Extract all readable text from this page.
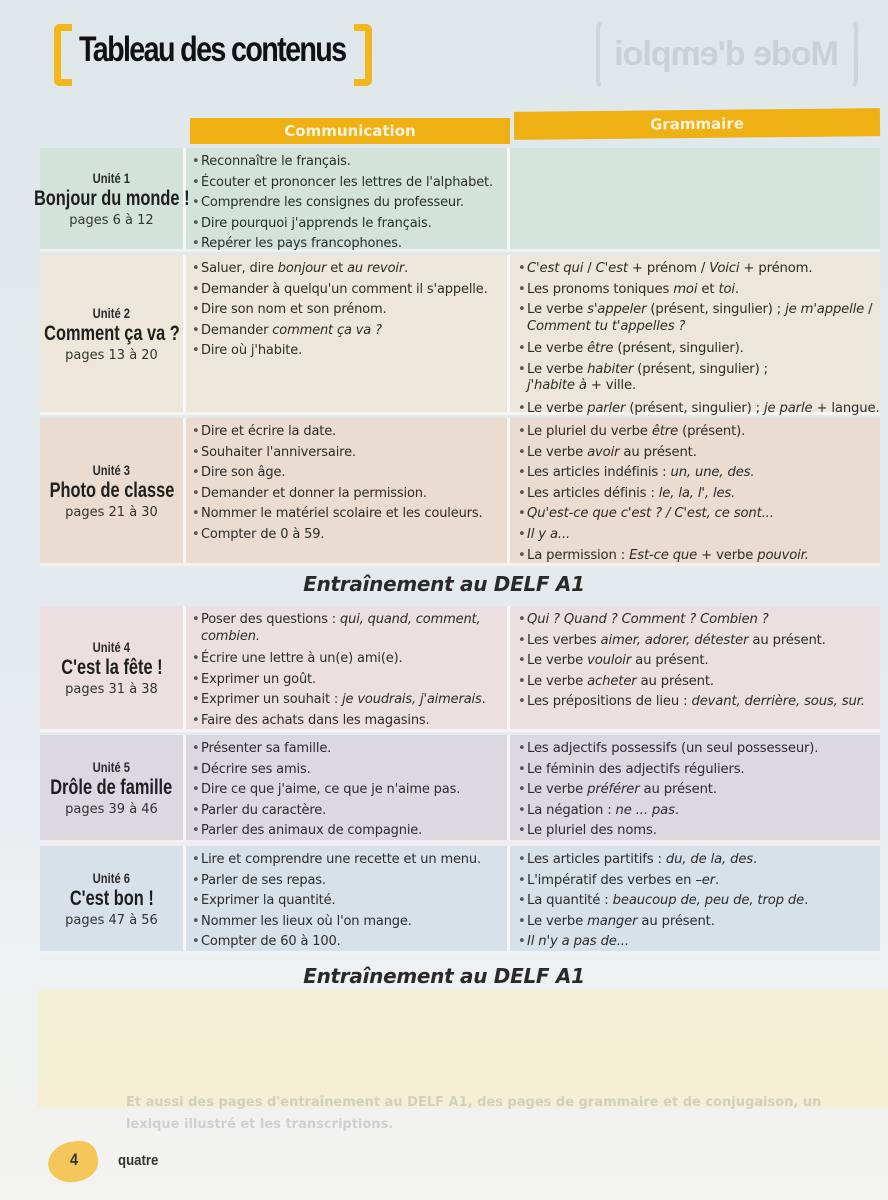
Mode d'emploi
Tableau des contenus
Communication	Grammaire
Unité 1
Bonjour du monde !
pages 6 à 12
• Reconnaître le français.
• Écouter et prononcer les lettres de l'alphabet.
• Comprendre les consignes du professeur.
• Dire pourquoi j'apprends le français.
• Repérer les pays francophones.
Unité 2
Comment ça va ?
pages 13 à 20
• Saluer, dire bonjour et au revoir.
• Demander à quelqu'un comment il s'appelle.
• Dire son nom et son prénom.
• Demander comment ça va ?
• Dire où j'habite.
• C'est qui / C'est + prénom / Voici + prénom.
• Les pronoms toniques moi et toi.
• Le verbe s'appeler (présent, singulier) ; je m'appelle / Comment tu t'appelles ?
• Le verbe être (présent, singulier).
• Le verbe habiter (présent, singulier) ;
j'habite à + ville.
• Le verbe parler (présent, singulier) ; je parle + langue.
Unité 3
Photo de classe
pages 21 à 30
• Dire et écrire la date.
• Souhaiter l'anniversaire.
• Dire son âge.
• Demander et donner la permission.
• Nommer le matériel scolaire et les couleurs.
• Compter de 0 à 59.
• Le pluriel du verbe être (présent).
• Le verbe avoir au présent.
• Les articles indéfinis : un, une, des.
• Les articles définis : le, la, l', les.
• Qu'est-ce que c'est ? / C'est, ce sont...
• Il y a...
• La permission : Est-ce que + verbe pouvoir.
Entraînement au DELF A1
Unité 4
C'est la fête !
pages 31 à 38
• Poser des questions : qui, quand, comment, combien.
• Écrire une lettre à un(e) ami(e).
• Exprimer un goût.
• Exprimer un souhait : je voudrais, j'aimerais.
• Faire des achats dans les magasins.
• Qui ? Quand ? Comment ? Combien ?
• Les verbes aimer, adorer, détester au présent.
• Le verbe vouloir au présent.
• Le verbe acheter au présent.
• Les prépositions de lieu : devant, derrière, sous, sur.
Unité 5
Drôle de famille
pages 39 à 46
• Présenter sa famille.
• Décrire ses amis.
• Dire ce que j'aime, ce que je n'aime pas.
• Parler du caractère.
• Parler des animaux de compagnie.
• Les adjectifs possessifs (un seul possesseur).
• Le féminin des adjectifs réguliers.
• Le verbe préférer au présent.
• La négation : ne ... pas.
• Le pluriel des noms.
Unité 6
C'est bon !
pages 47 à 56
• Lire et comprendre une recette et un menu.
• Parler de ses repas.
• Exprimer la quantité.
• Nommer les lieux où l'on mange.
• Compter de 60 à 100.
• Les articles partitifs : du, de la, des.
• L'impératif des verbes en –er.
• La quantité : beaucoup de, peu de, trop de.
• Le verbe manger au présent.
• Il n'y a pas de...
Entraînement au DELF A1
Et aussi des pages d'entraînement au DELF A1, des pages de grammaire et de conjugaison, un lexique illustré et les transcriptions.
4	quatre
